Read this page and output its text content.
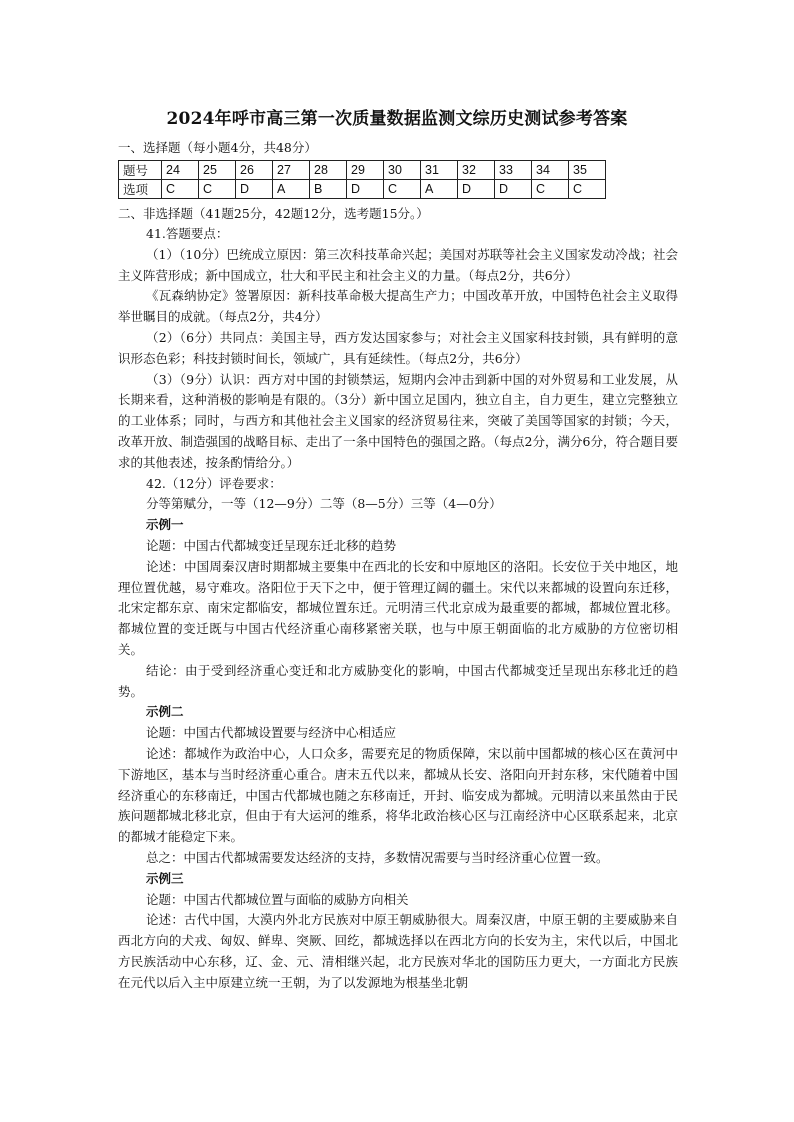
2024年呼市高三第一次质量数据监测文综历史测试参考答案
一、选择题（每小题4分，共48分）
题号	24	25	26	27	28	29	30	31	32	33	34	35
选项	C	C	D	A	B	D	C	A	D	D	C	C
二、非选择题（41题25分，42题12分，选考题15分。）

41.答题要点：

（1）（10分）巴统成立原因：第三次科技革命兴起；美国对苏联等社会主义国家发动冷战；社会主义阵营形成；新中国成立，壮大和平民主和社会主义的力量。（每点2分，共6分）

《瓦森纳协定》签署原因：新科技革命极大提高生产力；中国改革开放，中国特色社会主义取得举世瞩目的成就。（每点2分，共4分）

（2）（6分）共同点：美国主导，西方发达国家参与；对社会主义国家科技封锁，具有鲜明的意识形态色彩；科技封锁时间长，领域广，具有延续性。（每点2分，共6分）

（3）（9分）认识：西方对中国的封锁禁运，短期内会冲击到新中国的对外贸易和工业发展，从长期来看，这种消极的影响是有限的。（3分）新中国立足国内，独立自主，自力更生，建立完整独立的工业体系；同时，与西方和其他社会主义国家的经济贸易往来，突破了美国等国家的封锁；今天，改革开放、制造强国的战略目标、走出了一条中国特色的强国之路。（每点2分，满分6分，符合题目要求的其他表述，按条酌情给分。）

42.（12分）评卷要求：

分等第赋分，一等（12—9分）二等（8—5分）三等（4—0分）

示例一

论题：中国古代都城变迁呈现东迁北移的趋势

论述：中国周秦汉唐时期都城主要集中在西北的长安和中原地区的洛阳。长安位于关中地区，地理位置优越，易守难攻。洛阳位于天下之中，便于管理辽阔的疆土。宋代以来都城的设置向东迁移，北宋定都东京、南宋定都临安，都城位置东迁。元明清三代北京成为最重要的都城，都城位置北移。都城位置的变迁既与中国古代经济重心南移紧密关联，也与中原王朝面临的北方威胁的方位密切相关。

结论：由于受到经济重心变迁和北方威胁变化的影响，中国古代都城变迁呈现出东移北迁的趋势。

示例二

论题：中国古代都城设置要与经济中心相适应

论述：都城作为政治中心，人口众多，需要充足的物质保障，宋以前中国都城的核心区在黄河中下游地区，基本与当时经济重心重合。唐末五代以来，都城从长安、洛阳向开封东移，宋代随着中国经济重心的东移南迁，中国古代都城也随之东移南迁，开封、临安成为都城。元明清以来虽然由于民族问题都城北移北京，但由于有大运河的维系，将华北政治核心区与江南经济中心区联系起来，北京的都城才能稳定下来。

总之：中国古代都城需要发达经济的支持，多数情况需要与当时经济重心位置一致。

示例三

论题：中国古代都城位置与面临的威胁方向相关

论述：古代中国，大漠内外北方民族对中原王朝威胁很大。周秦汉唐，中原王朝的主要威胁来自西北方向的犬戎、匈奴、鲜卑、突厥、回纥，都城选择以在西北方向的长安为主，宋代以后，中国北方民族活动中心东移，辽、金、元、清相继兴起，北方民族对华北的国防压力更大，一方面北方民族在元代以后入主中原建立统一王朝，为了以发源地为根基坐北朝
